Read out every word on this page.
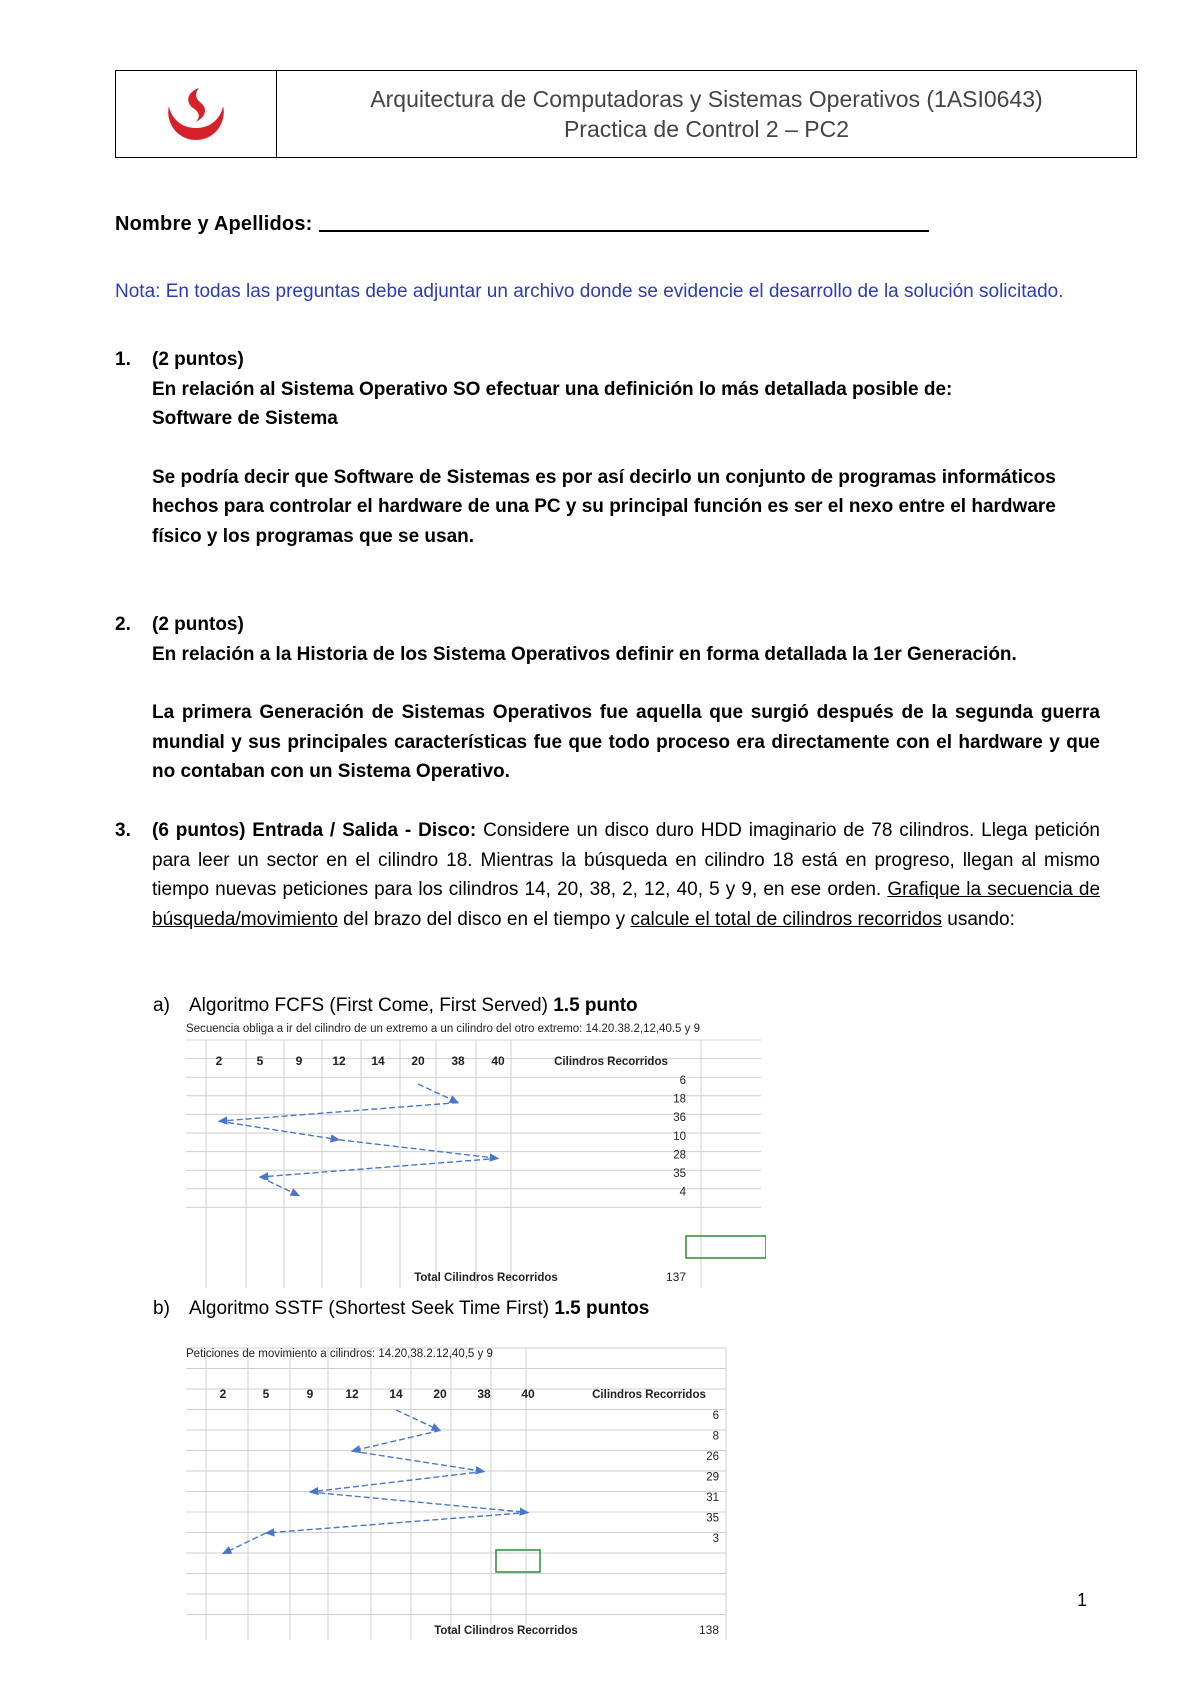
Arquitectura de Computadoras y Sistemas Operativos (1ASI0643)
Practica de Control 2 – PC2
Nombre y Apellidos:
Nota: En todas las preguntas debe adjuntar un archivo donde se evidencie el desarrollo de la solución solicitado.
1. (2 puntos)
En relación al Sistema Operativo SO efectuar una definición lo más detallada posible de:
Software de Sistema
Se podría decir que Software de Sistemas es por así decirlo un conjunto de programas informáticos hechos para controlar el hardware de una PC y su principal función es ser el nexo entre el hardware físico y los programas que se usan.
2. (2 puntos)
En relación a la Historia de los Sistema Operativos definir en forma detallada la 1er Generación.
La primera Generación de Sistemas Operativos fue aquella que surgió después de la segunda guerra mundial y sus principales características fue que todo proceso era directamente con el hardware y que no contaban con un Sistema Operativo.
3. (6 puntos) Entrada / Salida - Disco: Considere un disco duro HDD imaginario de 78 cilindros. Llega petición para leer un sector en el cilindro 18. Mientras la búsqueda en cilindro 18 está en progreso, llegan al mismo tiempo nuevas peticiones para los cilindros 14, 20, 38, 2, 12, 40, 5 y 9, en ese orden. Grafique la secuencia de búsqueda/movimiento del brazo del disco en el tiempo y calcule el total de cilindros recorridos usando:
a) Algoritmo FCFS (First Come, First Served) 1.5 punto
Secuencia obliga a ir del cilindro de un extremo a un cilindro del otro extremo: 14.20.38.2,12,40.5 y 9
2	5	9 12 14 20 38 40	Cilindros Recorridos
6
18
36
10
28
35
4
Total Cilindros Recorridos	137
b) Algoritmo SSTF (Shortest Seek Time First) 1.5 puntos
Peticiones de movimiento a cilindros: 14.20,38.2.12,40,5 y 9
2	5	9	12	14	20	38	40	Cilindros Recorridos
6
8
26
29
31
35
3
Total Cilindros Recorridos	138
1
